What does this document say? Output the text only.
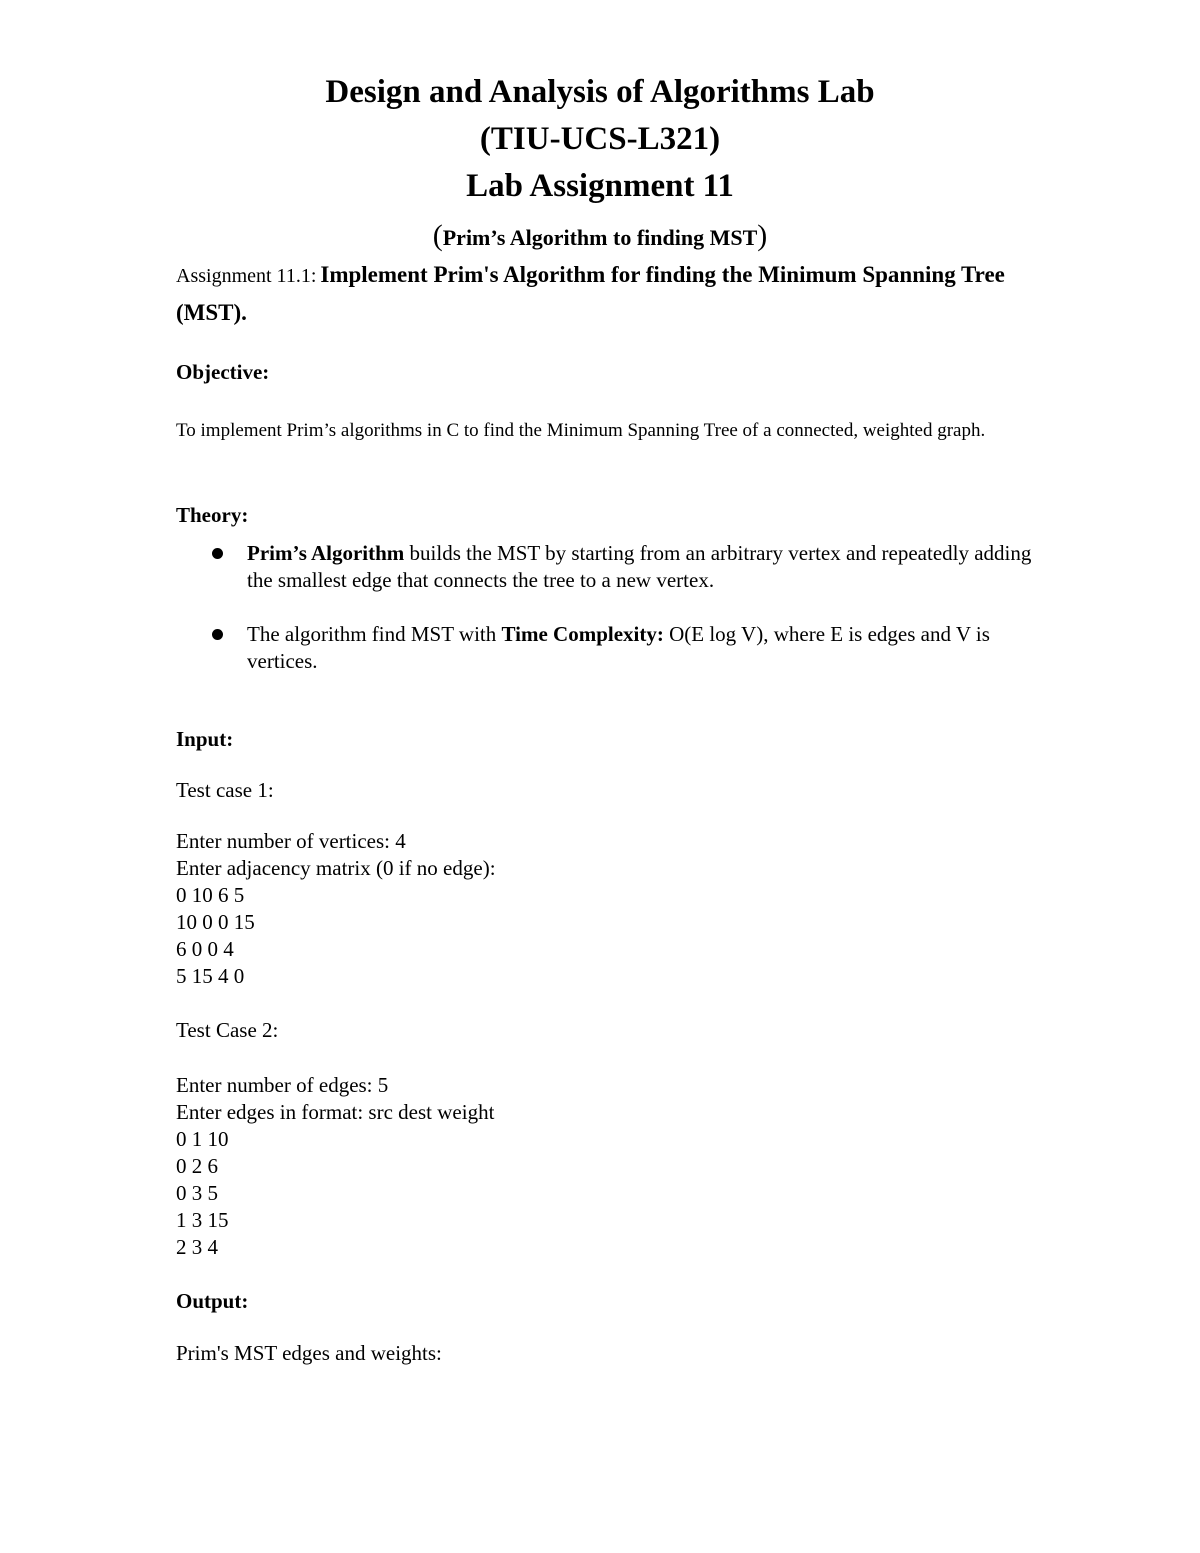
Design and Analysis of Algorithms Lab
(TIU-UCS-L321)
Lab Assignment 11
(Prim’s Algorithm to finding MST)

Assignment 11.1: Implement Prim's Algorithm for finding the Minimum Spanning Tree (MST).

Objective:

To implement Prim’s algorithms in C to find the Minimum Spanning Tree of a connected, weighted graph.

Theory:

Prim’s Algorithm builds the MST by starting from an arbitrary vertex and repeatedly adding the smallest edge that connects the tree to a new vertex.
The algorithm find MST with Time Complexity: O(E log V), where E is edges and V is vertices.

Input:

Test case 1:

Enter number of vertices: 4

Enter adjacency matrix (0 if no edge):

0 10 6 5

10 0 0 15

6 0 0 4

5 15 4 0

Test Case 2:

Enter number of edges: 5

Enter edges in format: src dest weight

0 1 10

0 2 6

0 3 5

1 3 15

2 3 4

Output:

Prim's MST edges and weights:
